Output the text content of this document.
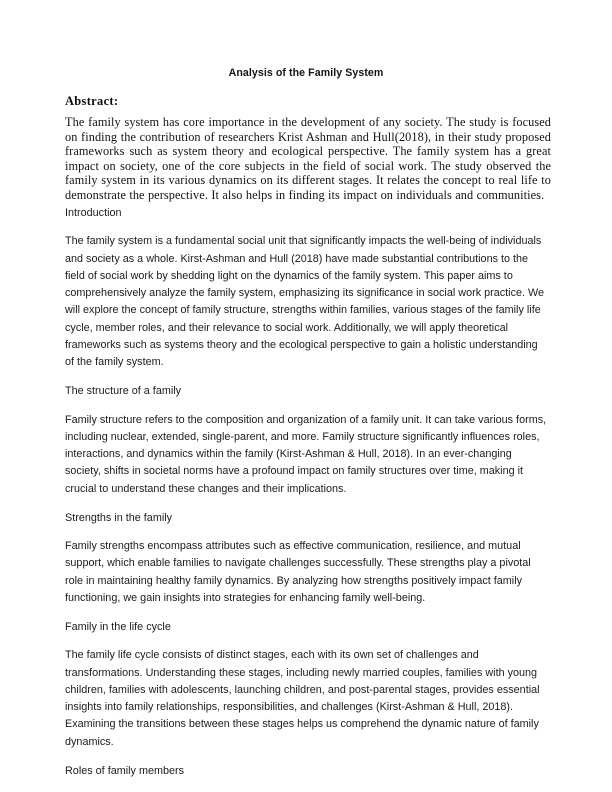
Analysis of the Family System
Abstract:
The family system has core importance in the development of any society. The study is focused on finding the contribution of researchers Krist Ashman and Hull(2018), in their study proposed frameworks such as system theory and ecological perspective. The family system has a great impact on society, one of the core subjects in the field of social work. The study observed the family system in its various dynamics on its different stages. It relates the concept to real life to demonstrate the perspective. It also helps in finding its impact on individuals and communities.
Introduction
The family system is a fundamental social unit that significantly impacts the well-being of individuals and society as a whole. Kirst-Ashman and Hull (2018) have made substantial contributions to the field of social work by shedding light on the dynamics of the family system. This paper aims to comprehensively analyze the family system, emphasizing its significance in social work practice. We will explore the concept of family structure, strengths within families, various stages of the family life cycle, member roles, and their relevance to social work. Additionally, we will apply theoretical frameworks such as systems theory and the ecological perspective to gain a holistic understanding of the family system.
The structure of a family
Family structure refers to the composition and organization of a family unit. It can take various forms, including nuclear, extended, single-parent, and more. Family structure significantly influences roles, interactions, and dynamics within the family (Kirst-Ashman & Hull, 2018). In an ever-changing society, shifts in societal norms have a profound impact on family structures over time, making it crucial to understand these changes and their implications.
Strengths in the family
Family strengths encompass attributes such as effective communication, resilience, and mutual support, which enable families to navigate challenges successfully. These strengths play a pivotal role in maintaining healthy family dynamics. By analyzing how strengths positively impact family functioning, we gain insights into strategies for enhancing family well-being.
Family in the life cycle
The family life cycle consists of distinct stages, each with its own set of challenges and transformations. Understanding these stages, including newly married couples, families with young children, families with adolescents, launching children, and post-parental stages, provides essential insights into family relationships, responsibilities, and challenges (Kirst-Ashman & Hull, 2018). Examining the transitions between these stages helps us comprehend the dynamic nature of family dynamics.
Roles of family members
